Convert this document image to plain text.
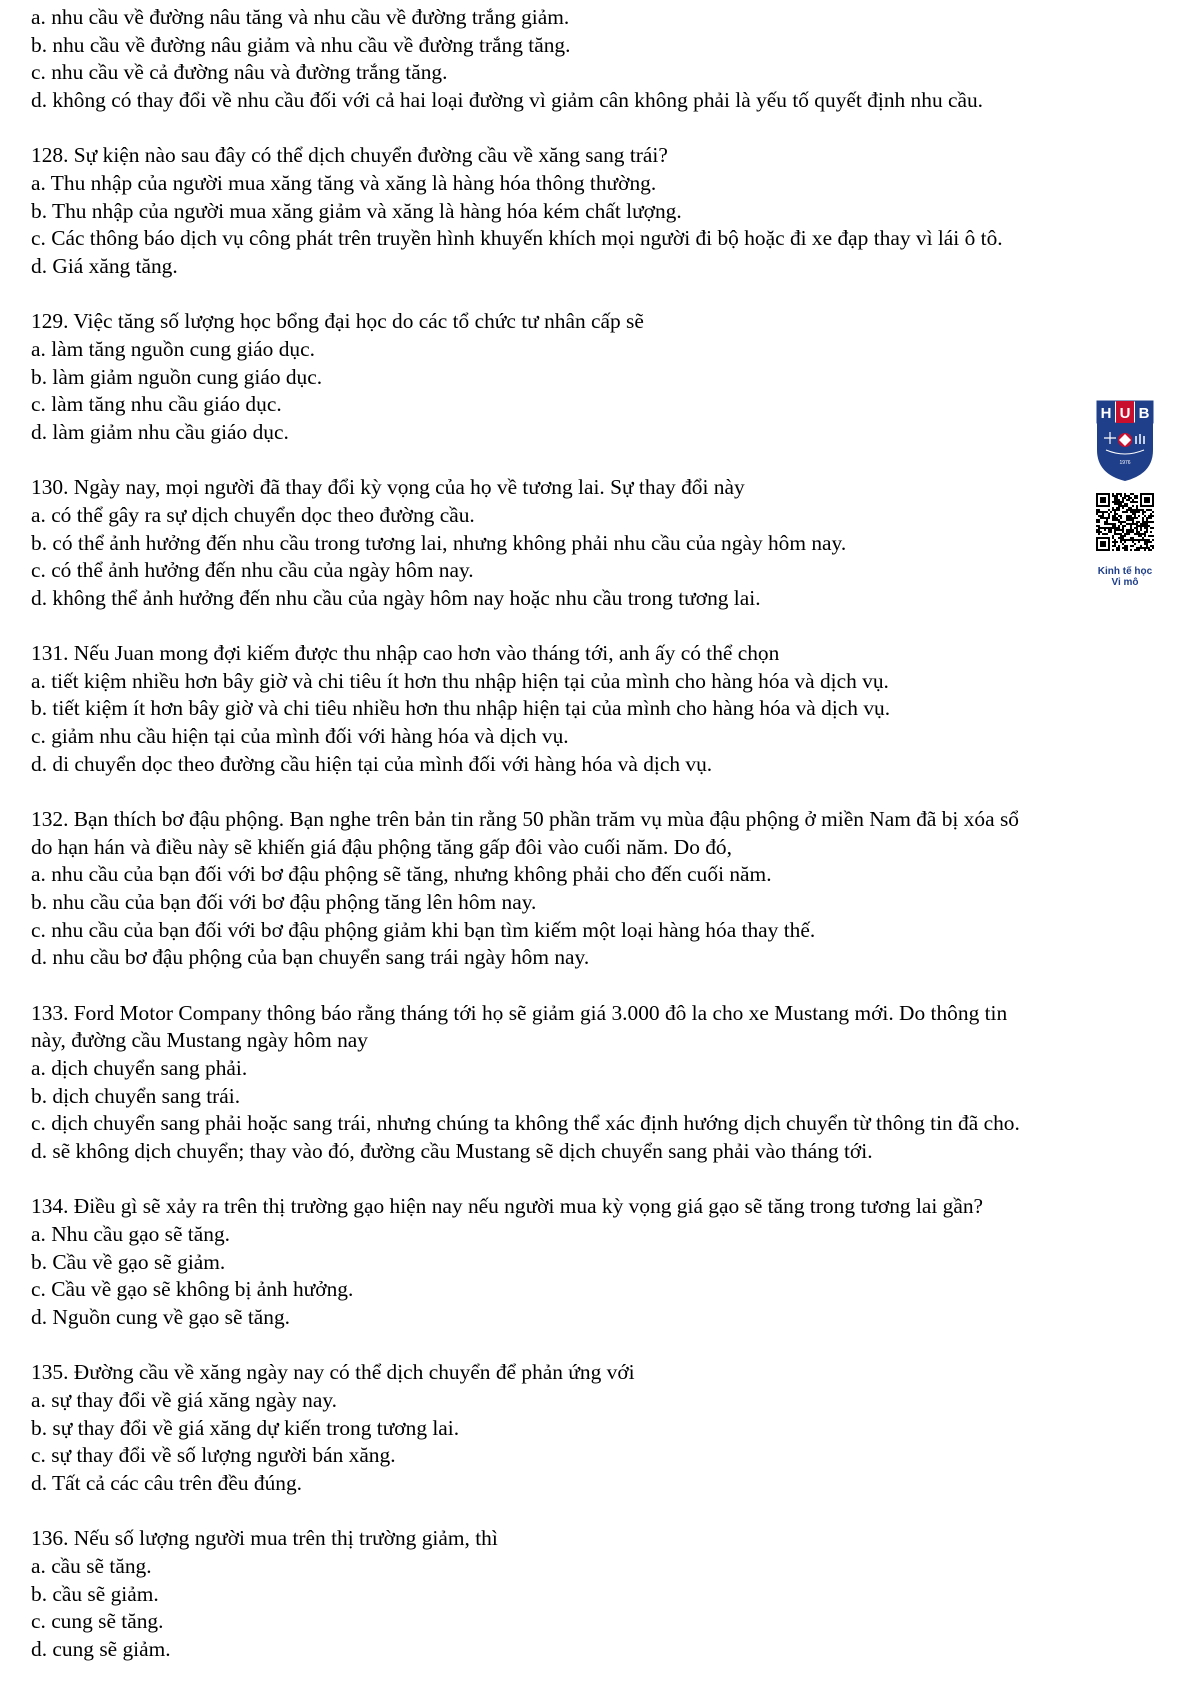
a. nhu cầu về đường nâu tăng và nhu cầu về đường trắng giảm.
b. nhu cầu về đường nâu giảm và nhu cầu về đường trắng tăng.
c. nhu cầu về cả đường nâu và đường trắng tăng.
d. không có thay đổi về nhu cầu đối với cả hai loại đường vì giảm cân không phải là yếu tố quyết định nhu cầu.
128. Sự kiện nào sau đây có thể dịch chuyển đường cầu về xăng sang trái?
a. Thu nhập của người mua xăng tăng và xăng là hàng hóa thông thường.
b. Thu nhập của người mua xăng giảm và xăng là hàng hóa kém chất lượng.
c. Các thông báo dịch vụ công phát trên truyền hình khuyến khích mọi người đi bộ hoặc đi xe đạp thay vì lái ô tô.
d. Giá xăng tăng.
129. Việc tăng số lượng học bổng đại học do các tổ chức tư nhân cấp sẽ
a. làm tăng nguồn cung giáo dục.
b. làm giảm nguồn cung giáo dục.
c. làm tăng nhu cầu giáo dục.
d. làm giảm nhu cầu giáo dục.
130. Ngày nay, mọi người đã thay đổi kỳ vọng của họ về tương lai. Sự thay đổi này
a. có thể gây ra sự dịch chuyển dọc theo đường cầu.
b. có thể ảnh hưởng đến nhu cầu trong tương lai, nhưng không phải nhu cầu của ngày hôm nay.
c. có thể ảnh hưởng đến nhu cầu của ngày hôm nay.
d. không thể ảnh hưởng đến nhu cầu của ngày hôm nay hoặc nhu cầu trong tương lai.
131. Nếu Juan mong đợi kiếm được thu nhập cao hơn vào tháng tới, anh ấy có thể chọn
a. tiết kiệm nhiều hơn bây giờ và chi tiêu ít hơn thu nhập hiện tại của mình cho hàng hóa và dịch vụ.
b. tiết kiệm ít hơn bây giờ và chi tiêu nhiều hơn thu nhập hiện tại của mình cho hàng hóa và dịch vụ.
c. giảm nhu cầu hiện tại của mình đối với hàng hóa và dịch vụ.
d. di chuyển dọc theo đường cầu hiện tại của mình đối với hàng hóa và dịch vụ.
132. Bạn thích bơ đậu phộng. Bạn nghe trên bản tin rằng 50 phần trăm vụ mùa đậu phộng ở miền Nam đã bị xóa sổ
do hạn hán và điều này sẽ khiến giá đậu phộng tăng gấp đôi vào cuối năm. Do đó,
a. nhu cầu của bạn đối với bơ đậu phộng sẽ tăng, nhưng không phải cho đến cuối năm.
b. nhu cầu của bạn đối với bơ đậu phộng tăng lên hôm nay.
c. nhu cầu của bạn đối với bơ đậu phộng giảm khi bạn tìm kiếm một loại hàng hóa thay thế.
d. nhu cầu bơ đậu phộng của bạn chuyển sang trái ngày hôm nay.
133. Ford Motor Company thông báo rằng tháng tới họ sẽ giảm giá 3.000 đô la cho xe Mustang mới. Do thông tin
này, đường cầu Mustang ngày hôm nay
a. dịch chuyển sang phải.
b. dịch chuyển sang trái.
c. dịch chuyển sang phải hoặc sang trái, nhưng chúng ta không thể xác định hướng dịch chuyển từ thông tin đã cho.
d. sẽ không dịch chuyển; thay vào đó, đường cầu Mustang sẽ dịch chuyển sang phải vào tháng tới.
134. Điều gì sẽ xảy ra trên thị trường gạo hiện nay nếu người mua kỳ vọng giá gạo sẽ tăng trong tương lai gần?
a. Nhu cầu gạo sẽ tăng.
b. Cầu về gạo sẽ giảm.
c. Cầu về gạo sẽ không bị ảnh hưởng.
d. Nguồn cung về gạo sẽ tăng.
135. Đường cầu về xăng ngày nay có thể dịch chuyển để phản ứng với
a. sự thay đổi về giá xăng ngày nay.
b. sự thay đổi về giá xăng dự kiến trong tương lai.
c. sự thay đổi về số lượng người bán xăng.
d. Tất cả các câu trên đều đúng.
136. Nếu số lượng người mua trên thị trường giảm, thì
a. cầu sẽ tăng.
b. cầu sẽ giảm.
c. cung sẽ tăng.
d. cung sẽ giảm.
H U B
1976
Kinh tế học
Vi mô
